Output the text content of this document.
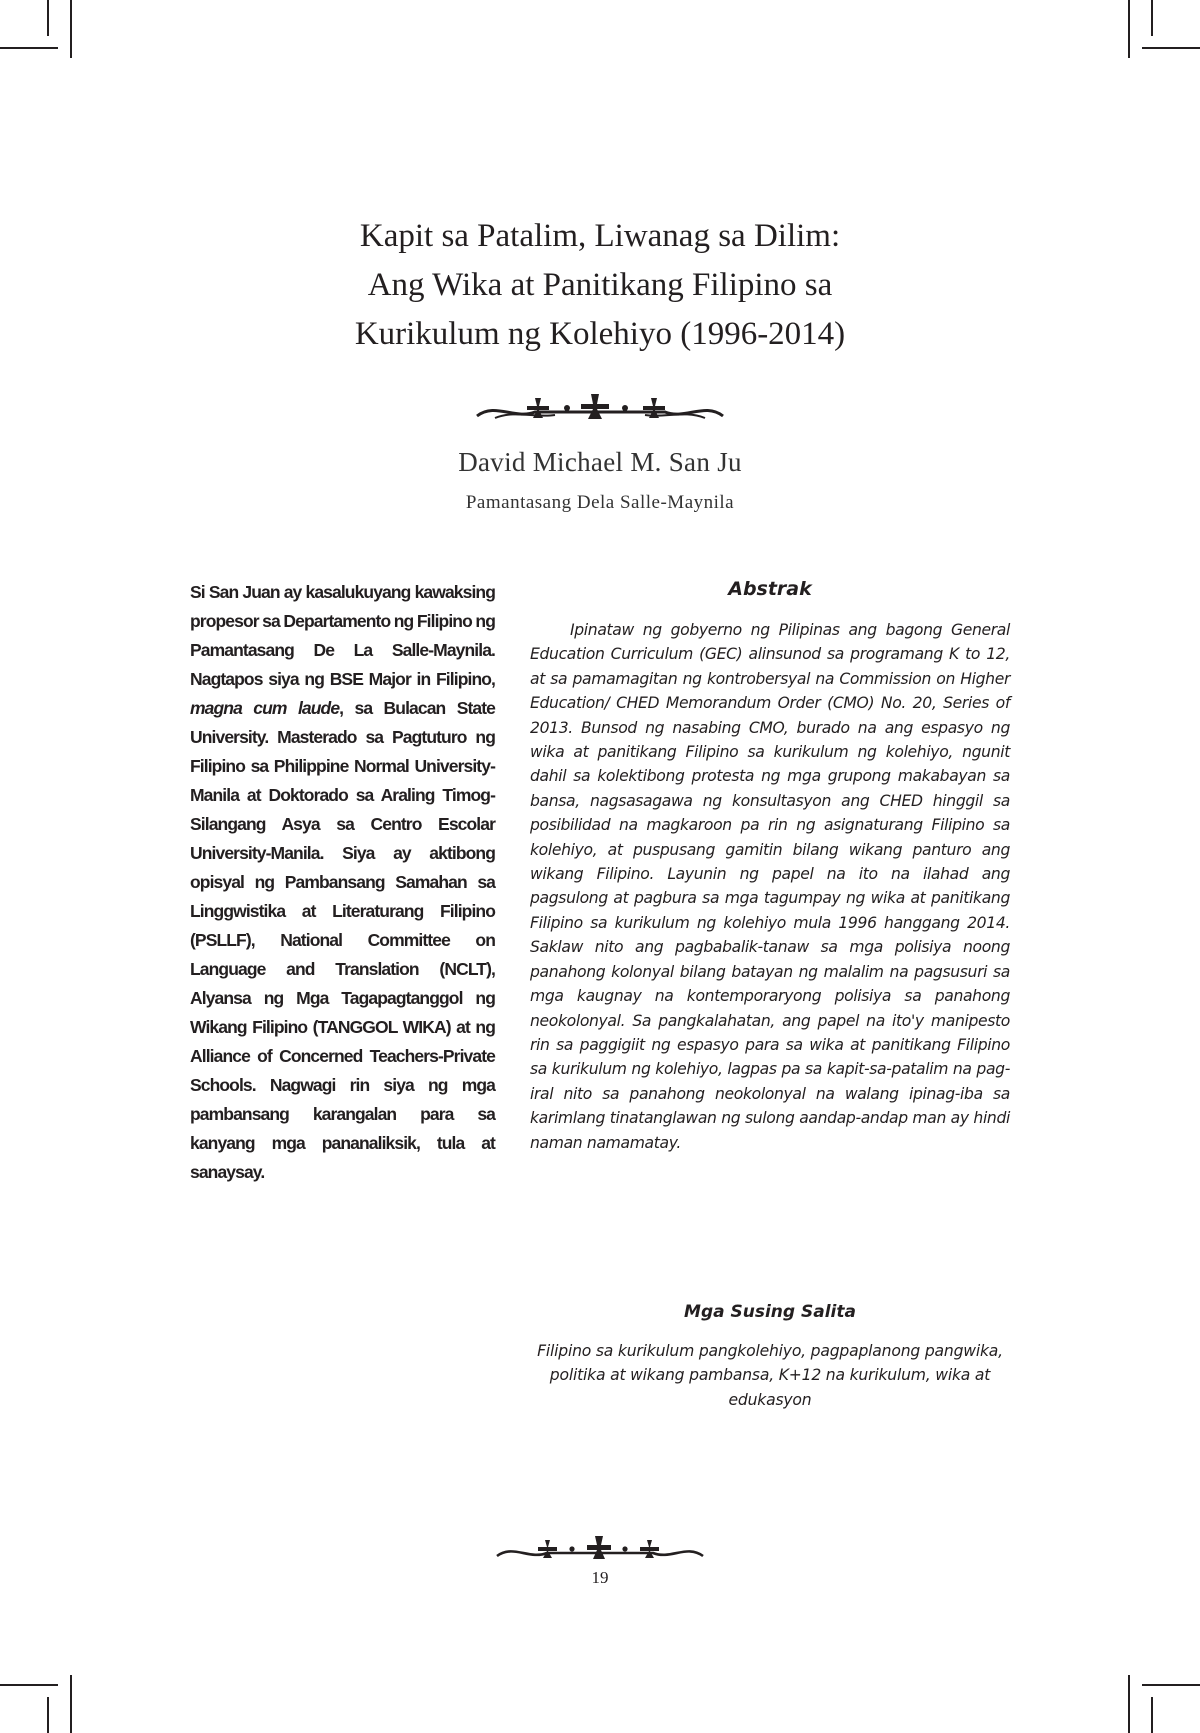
Kapit sa Patalim, Liwanag sa Dilim:
Ang Wika at Panitikang Filipino sa
Kurikulum ng Kolehiyo (1996-2014)
David Michael M. San Ju
Pamantasang Dela Salle-Maynila
Si San Juan ay kasalukuyang kawaksing propesor sa Departamento ng Filipino ng Pamantasang De La Salle-Maynila. Nagtapos siya ng BSE Major in Filipino, magna cum laude, sa Bulacan State University. Masterado sa Pagtuturo ng Filipino sa Philippine Normal University-Manila at Doktorado sa Araling Timog-Silangang Asya sa Centro Escolar University-Manila. Siya ay aktibong opisyal ng Pambansang Samahan sa Linggwistika at Literaturang Filipino (PSLLF), National Committee on Language and Translation (NCLT), Alyansa ng Mga Tagapagtanggol ng Wikang Filipino (TANGGOL WIKA) at ng Alliance of Concerned Teachers-Private Schools. Nagwagi rin siya ng mga pambansang karangalan para sa kanyang mga pananaliksik, tula at sanaysay.
Abstrak

Ipinataw ng gobyerno ng Pilipinas ang bagong General Education Curriculum (GEC) alinsunod sa programang K to 12, at sa pamamagitan ng kontrobersyal na Commission on Higher Education/ CHED Memorandum Order (CMO) No. 20, Series of 2013. Bunsod ng nasabing CMO, burado na ang espasyo ng wika at panitikang Filipino sa kurikulum ng kolehiyo, ngunit dahil sa kolektibong protesta ng mga grupong makabayan sa bansa, nagsasagawa ng konsultasyon ang CHED hinggil sa posibilidad na magkaroon pa rin ng asignaturang Filipino sa kolehiyo, at puspusang gamitin bilang wikang panturo ang wikang Filipino. Layunin ng papel na ito na ilahad ang pagsulong at pagbura sa mga tagumpay ng wika at panitikang Filipino sa kurikulum ng kolehiyo mula 1996 hanggang 2014. Saklaw nito ang pagbabalik-tanaw sa mga polisiya noong panahong kolonyal bilang batayan ng malalim na pagsusuri sa mga kaugnay na kontemporaryong polisiya sa panahong neokolonyal. Sa pangkalahatan, ang papel na ito'y manipesto rin sa paggigiit ng espasyo para sa wika at panitikang Filipino sa kurikulum ng kolehiyo, lagpas pa sa kapit-sa-patalim na pag-iral nito sa panahong neokolonyal na walang ipinag-iba sa karimlang tinatanglawan ng sulong aandap-andap man ay hindi naman namamatay.

Mga Susing Salita
Filipino sa kurikulum pangkolehiyo, pagpaplanong pangwika, politika at wikang pambansa, K+12 na kurikulum, wika at edukasyon
19
